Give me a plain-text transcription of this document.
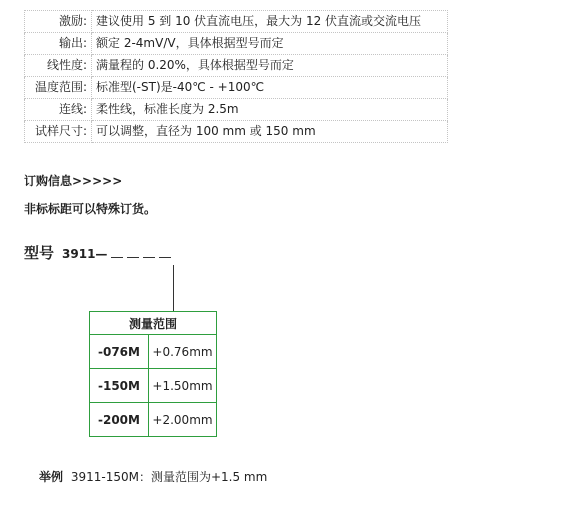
激励:	建议使用 5 到 10 伏直流电压，最大为 12 伏直流或交流电压
输出:	额定 2-4mV/V，具体根据型号而定
线性度:	满量程的 0.20%，具体根据型号而定
温度范围:	标准型(-ST)是-40℃ - +100℃
连线:	柔性线，标准长度为 2.5m
试样尺寸:	可以调整，直径为 100 mm 或 150 mm
订购信息>>>>>
非标标距可以特殊订货。
型号 3911—
测量范围	
-076M	+0.76mm
-150M	+1.50mm
-200M	+2.00mm
举例 3911-150M：测量范围为+1.5 mm
